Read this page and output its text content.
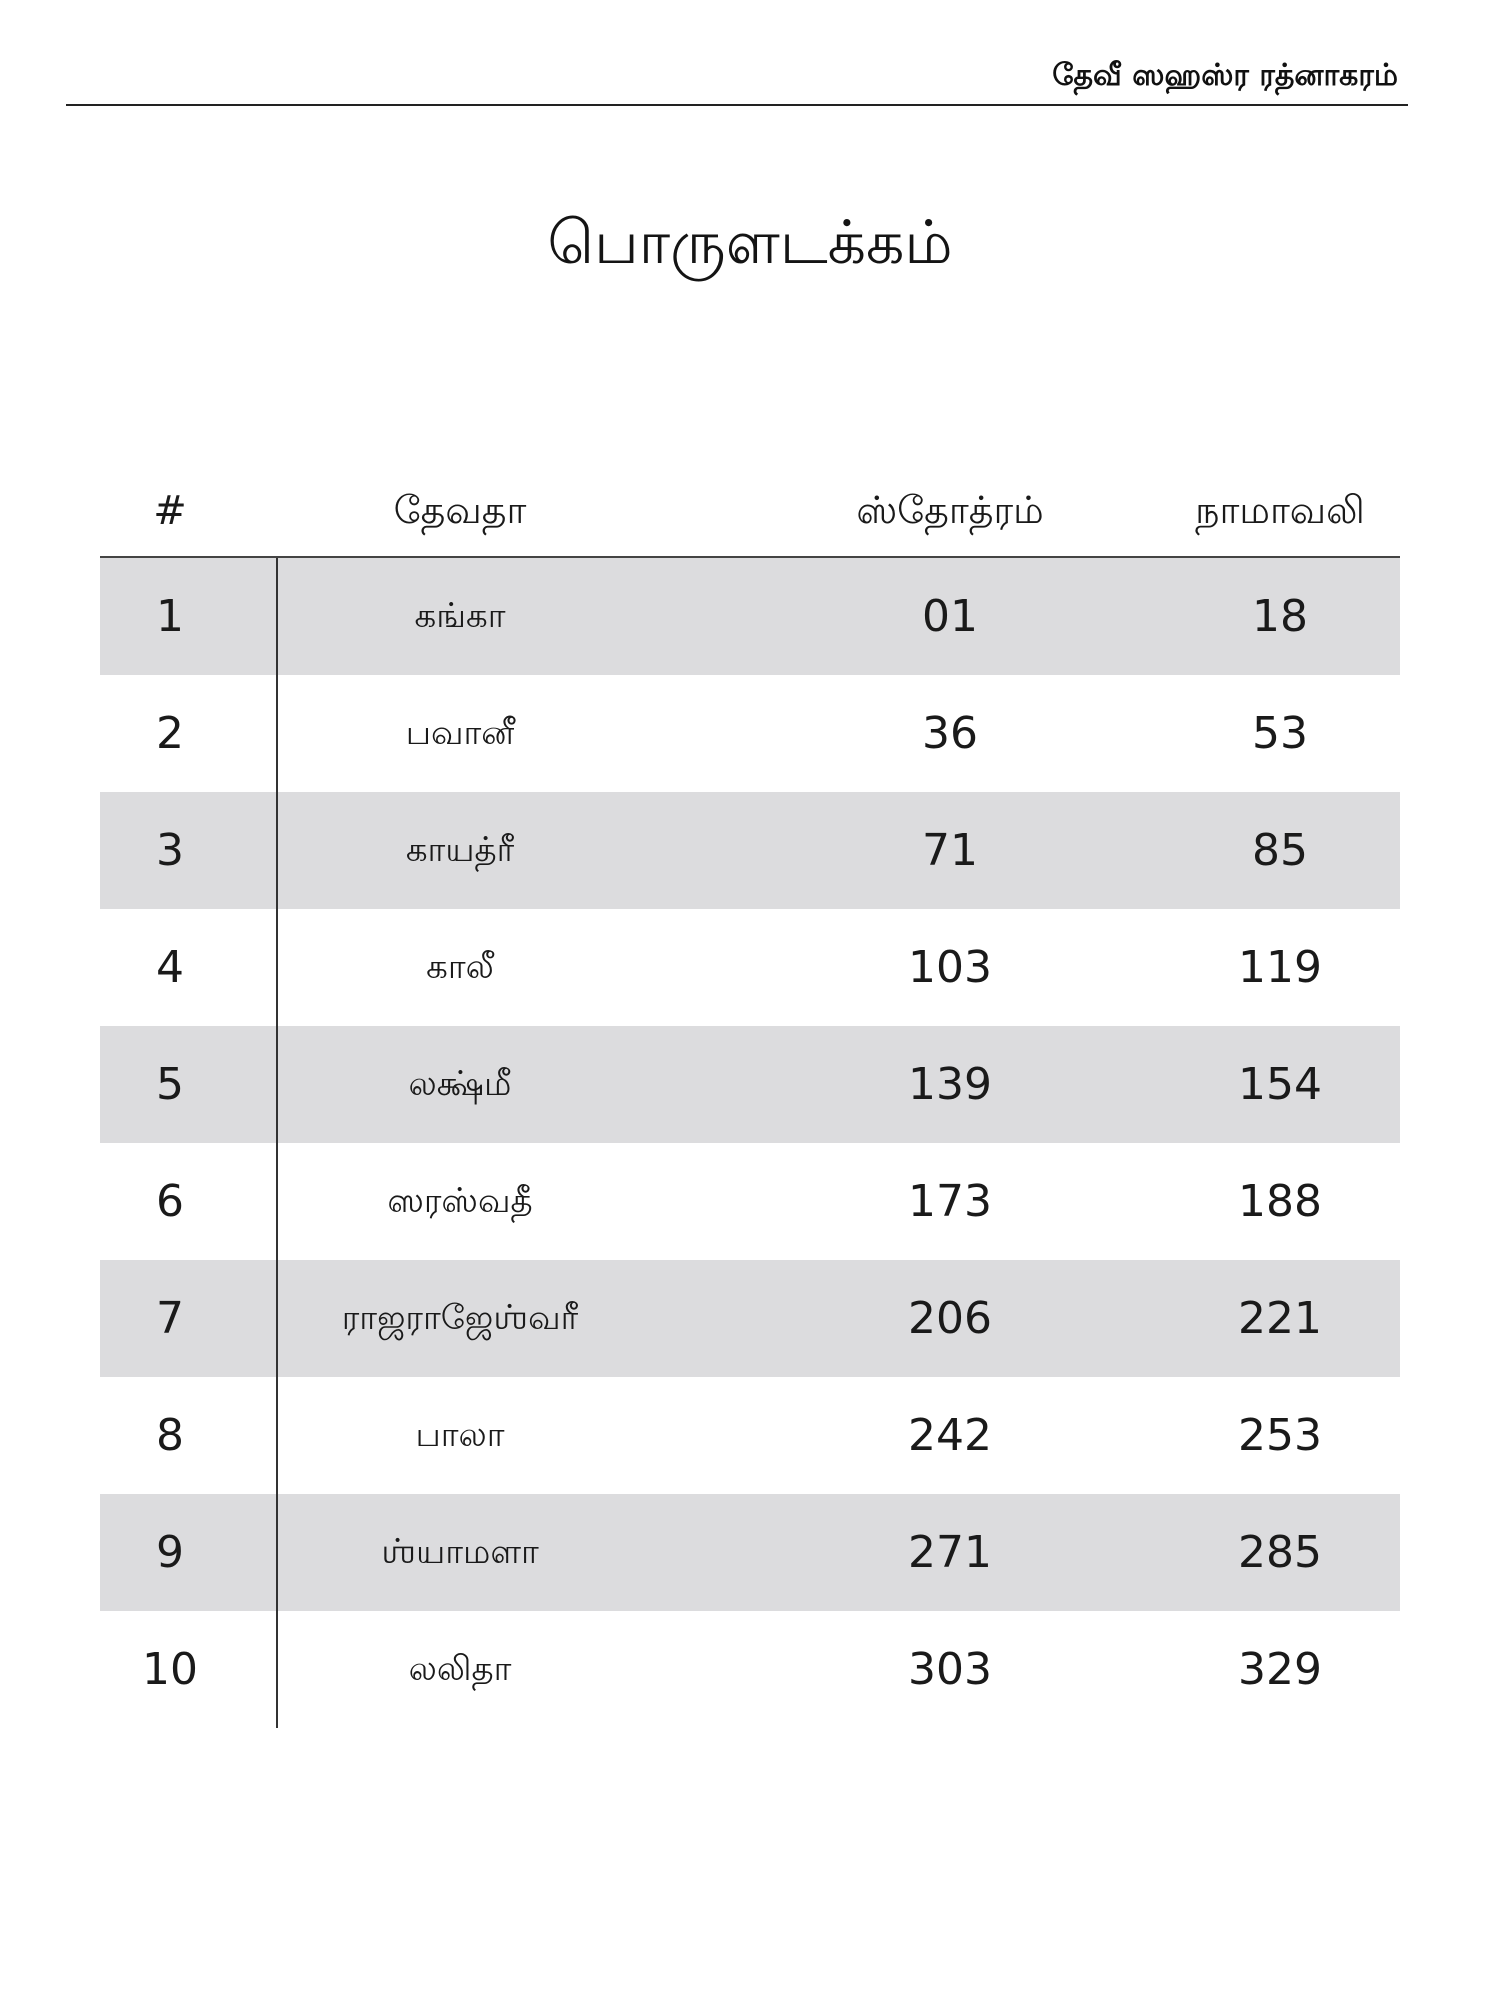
தேவீ ஸஹஸ்ர ரத்னாகரம்
பொருளடக்கம்
#	தேவதா	ஸ்தோத்ரம்	நாமாவலி
1	கங்கா	01	18
2	பவானீ	36	53
3	காயத்ரீ	71	85
4	காலீ	103	119
5	லக்ஷ்மீ	139	154
6	ஸரஸ்வதீ	173	188
7	ராஜராஜேஶ்வரீ	206	221
8	பாலா	242	253
9	ஶ்யாமளா	271	285
10	லலிதா	303	329
